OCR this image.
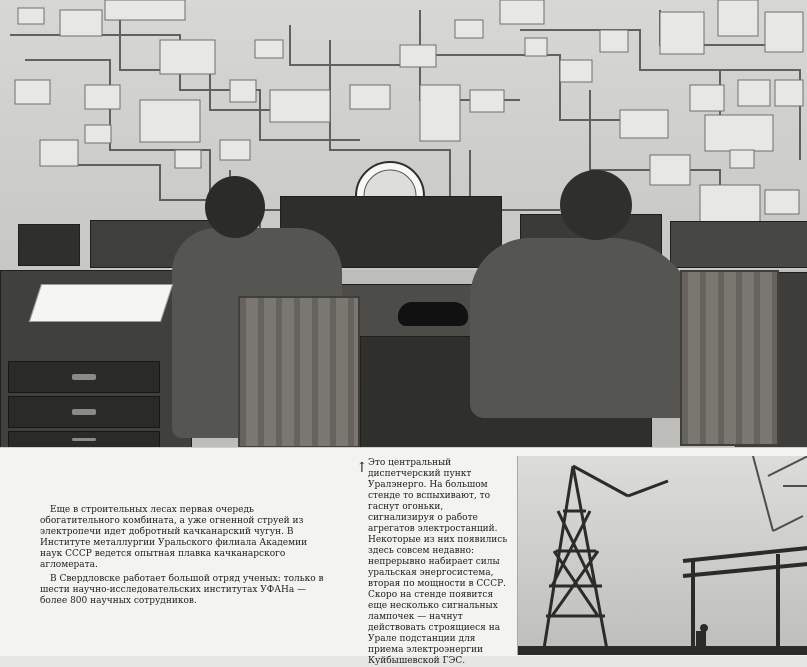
Еще в строительных лесах первая очередь обогатительного комбината, а уже огненной струей из электропечи идет добротный качканарский чугун. В Институте металлургии Уральского филиала Академии наук СССР ведется опытная плавка качканарского агломерата.

В Свердловске работает большой отряд ученых: только в шести научно-исследовательских институтах УФАНа — более 800 научных сотрудников.

↑ Это центральный диспетчерский пункт Уралэнерго. На большом стенде то вспыхивают, то гаснут огоньки, сигнализируя о работе агрегатов электростанций. Некоторые из них появились здесь совсем недавно: непрерывно набирает силы уральская энергосистема, вторая по мощности в СССР. Скоро на стенде появится еще несколько сигнальных лампочек — начнут действовать строящиеся на Урале подстанции для приема электроэнергии Куйбышевской ГЭС.
